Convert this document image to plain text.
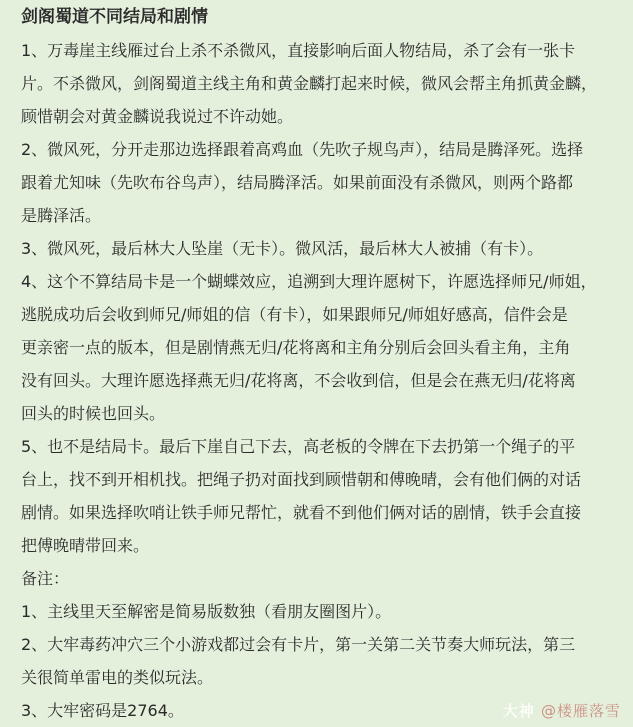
剑阁蜀道不同结局和剧情
1、万毒崖主线雁过台上杀不杀微风，直接影响后面人物结局，杀了会有一张卡
片。不杀微风，剑阁蜀道主线主角和黄金麟打起来时候，微风会帮主角抓黄金麟，
顾惜朝会对黄金麟说我说过不许动她。
2、微风死，分开走那边选择跟着高鸡血（先吹子规鸟声），结局是腾泽死。选择
跟着尤知味（先吹布谷鸟声），结局腾泽活。如果前面没有杀微风，则两个路都
是腾泽活。
3、微风死，最后林大人坠崖（无卡）。微风活，最后林大人被捕（有卡）。
4、这个不算结局卡是一个蝴蝶效应，追溯到大理许愿树下，许愿选择师兄/师姐，
逃脱成功后会收到师兄/师姐的信（有卡），如果跟师兄/师姐好感高，信件会是
更亲密一点的版本，但是剧情燕无归/花将离和主角分别后会回头看主角，主角
没有回头。大理许愿选择燕无归/花将离，不会收到信，但是会在燕无归/花将离
回头的时候也回头。
5、也不是结局卡。最后下崖自己下去，高老板的令牌在下去扔第一个绳子的平
台上，找不到开相机找。把绳子扔对面找到顾惜朝和傅晚晴，会有他们俩的对话
剧情。如果选择吹哨让铁手师兄帮忙，就看不到他们俩对话的剧情，铁手会直接
把傅晚晴带回来。
备注：
1、主线里天至解密是简易版数独（看朋友圈图片）。
2、大牢毒药冲穴三个小游戏都过会有卡片，第一关第二关节奏大师玩法，第三
关很简单雷电的类似玩法。
3、大牢密码是2764。	大神 @楼雁落雪
